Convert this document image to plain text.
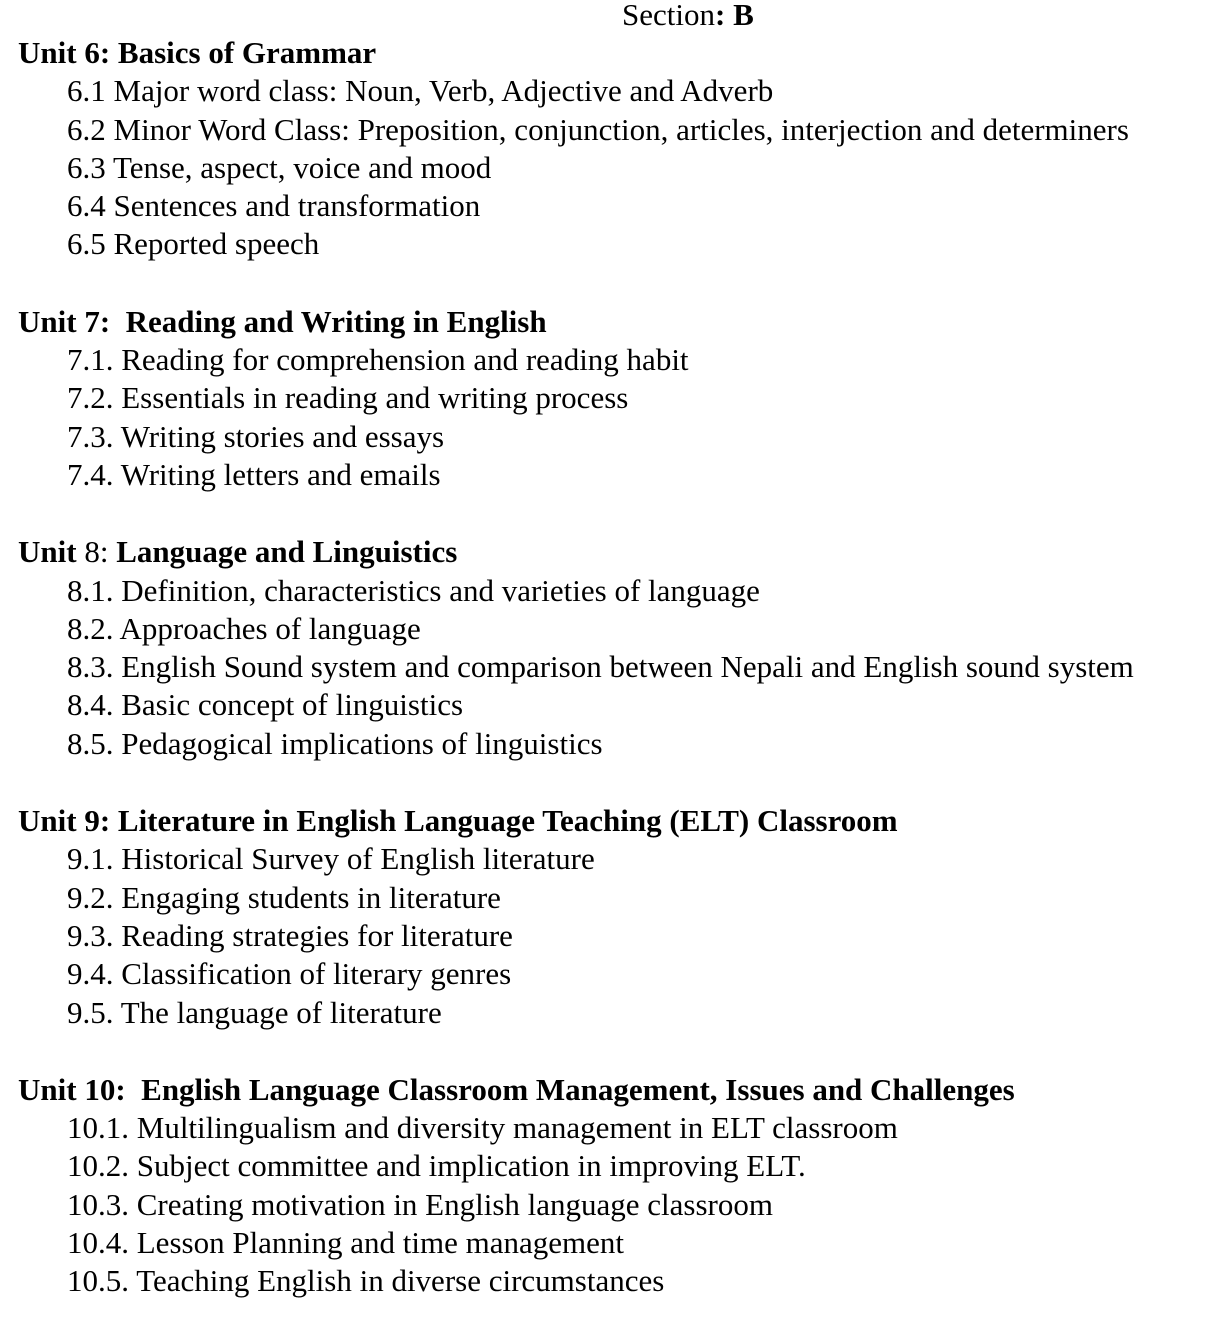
Section: B
Unit 6: Basics of Grammar
6.1 Major word class: Noun, Verb, Adjective and Adverb
6.2 Minor Word Class: Preposition, conjunction, articles, interjection and determiners
6.3 Tense, aspect, voice and mood
6.4 Sentences and transformation
6.5 Reported speech
Unit 7:  Reading and Writing in English
7.1. Reading for comprehension and reading habit
7.2. Essentials in reading and writing process
7.3. Writing stories and essays
7.4. Writing letters and emails
Unit 8: Language and Linguistics
8.1. Definition, characteristics and varieties of language
8.2. Approaches of language
8.3. English Sound system and comparison between Nepali and English sound system
8.4. Basic concept of linguistics
8.5. Pedagogical implications of linguistics
Unit 9: Literature in English Language Teaching (ELT) Classroom
9.1. Historical Survey of English literature
9.2. Engaging students in literature
9.3. Reading strategies for literature
9.4. Classification of literary genres
9.5. The language of literature
Unit 10:  English Language Classroom Management, Issues and Challenges
10.1. Multilingualism and diversity management in ELT classroom
10.2. Subject committee and implication in improving ELT.
10.3. Creating motivation in English language classroom
10.4. Lesson Planning and time management
10.5. Teaching English in diverse circumstances
